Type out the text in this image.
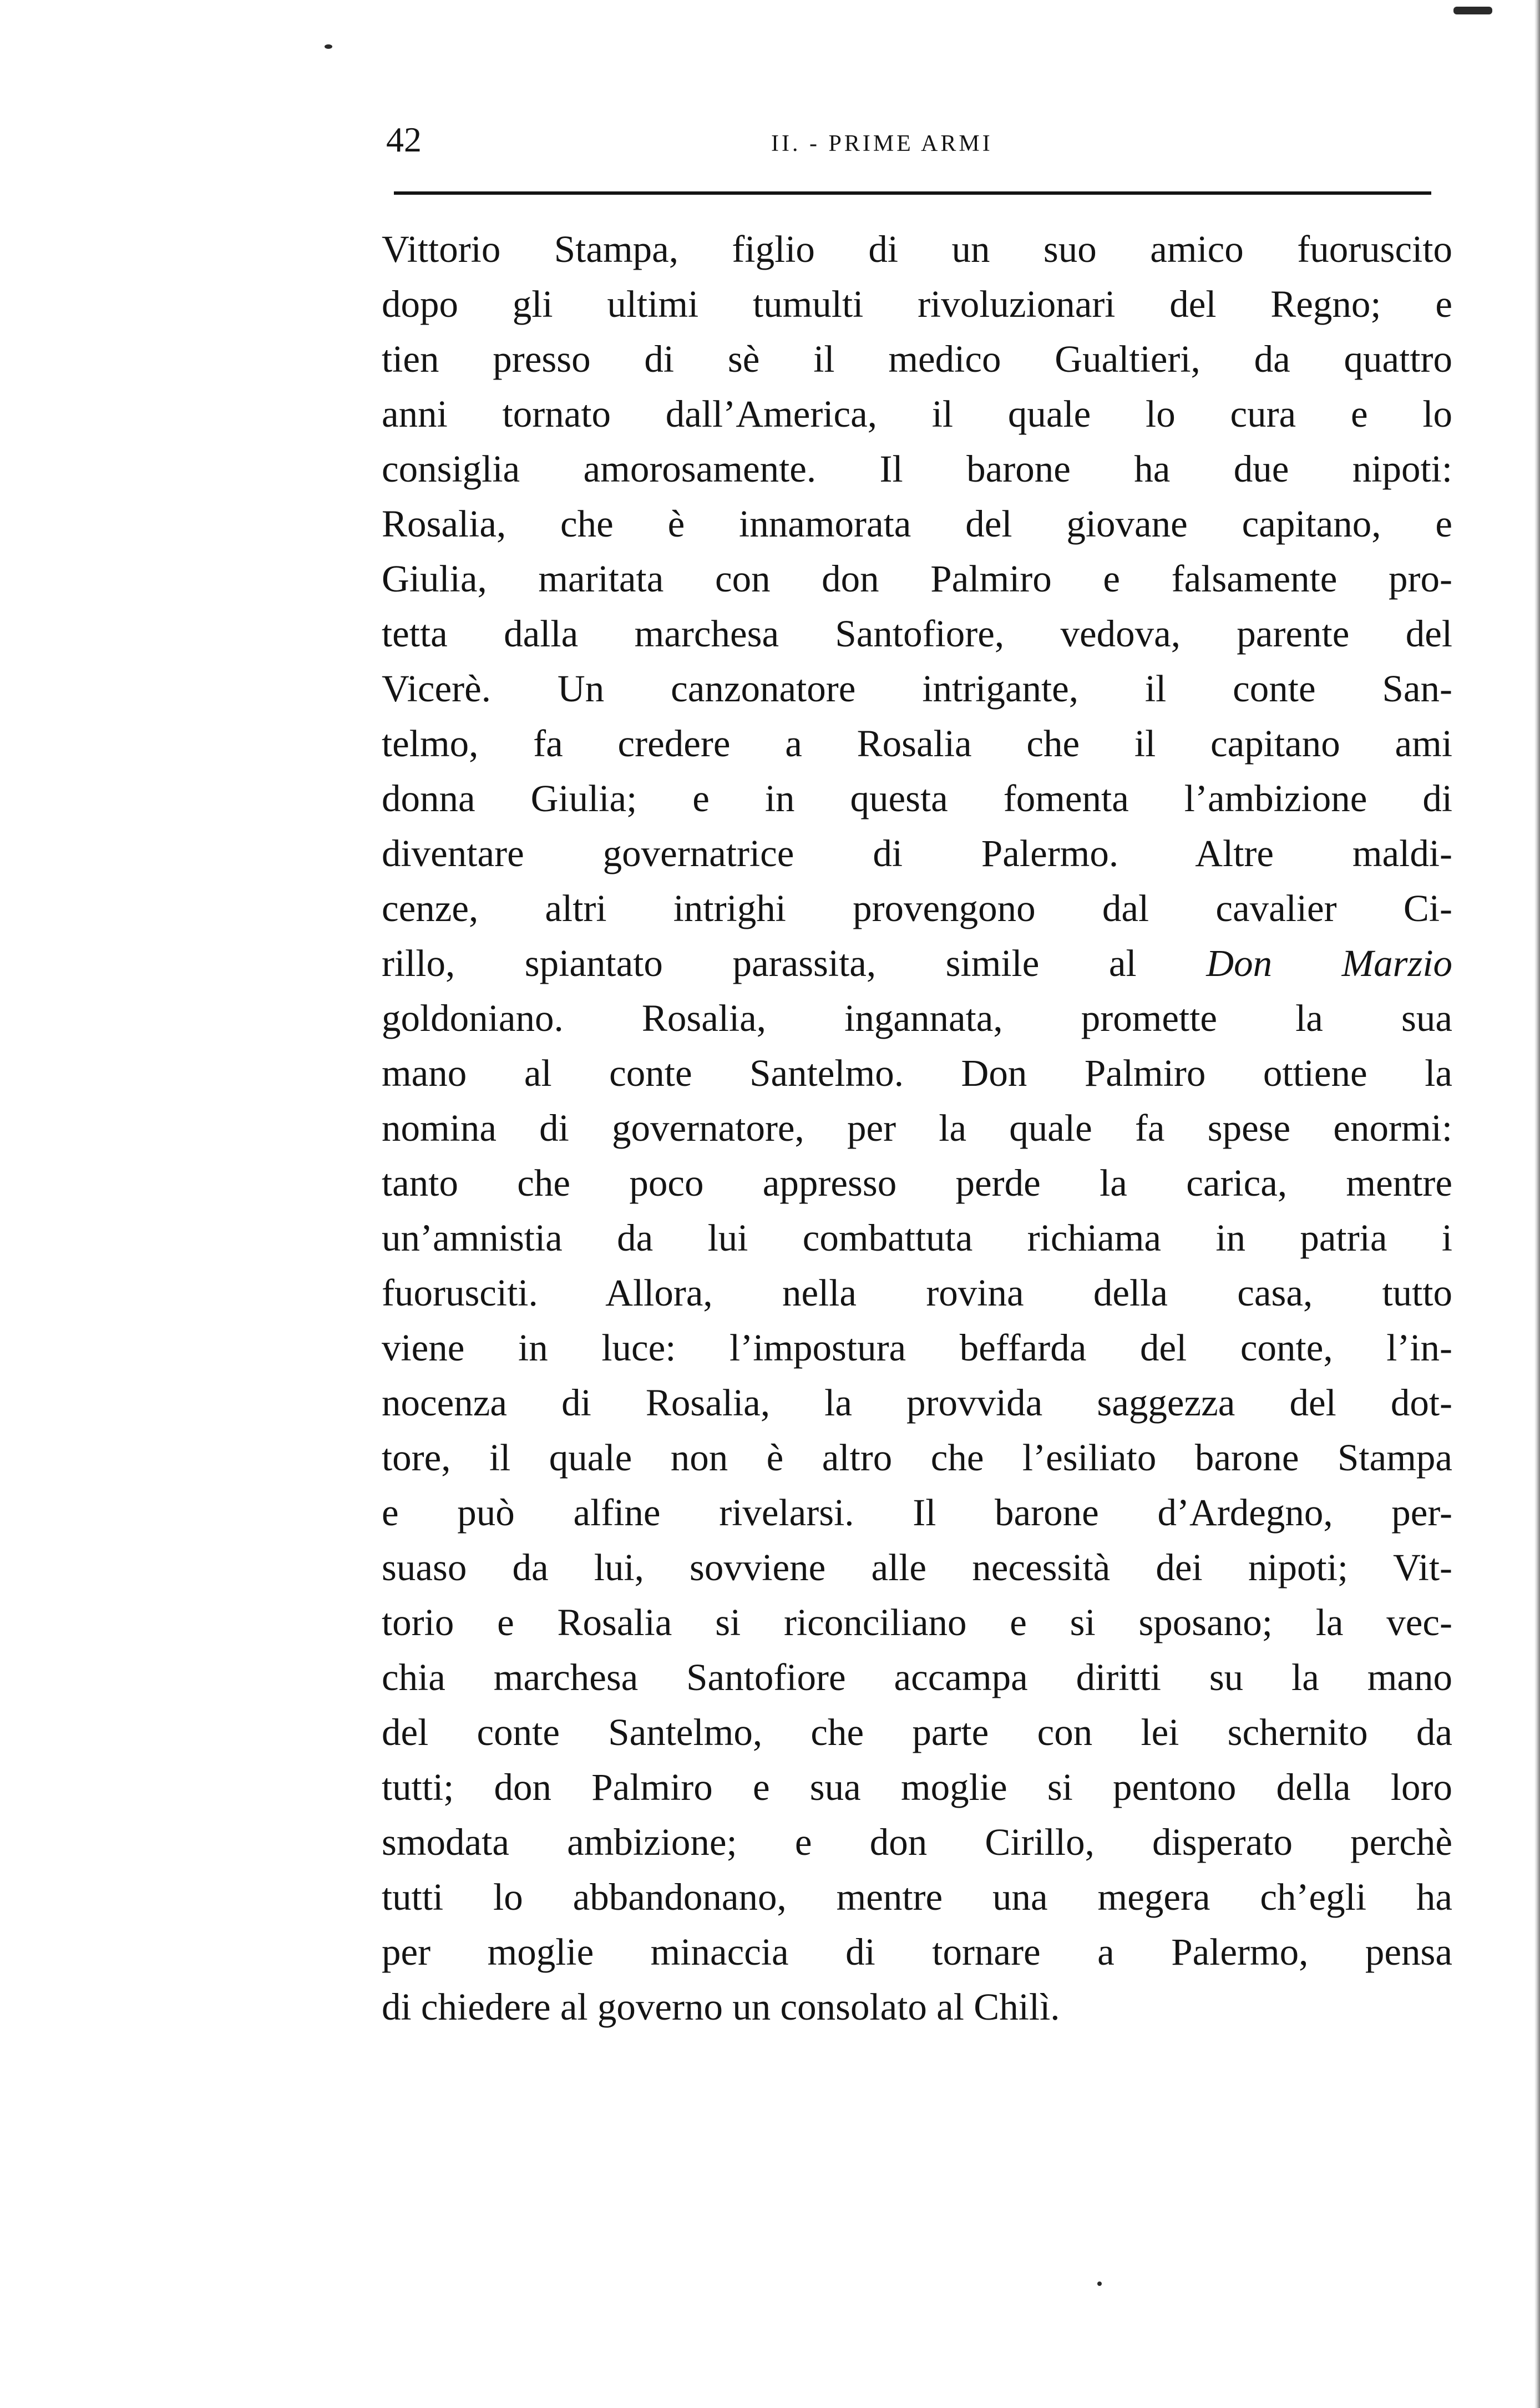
42	II. - PRIME ARMI
Vittorio Stampa, figlio di un suo amico fuoruscito
dopo gli ultimi tumulti rivoluzionari del Regno; e
tien presso di sè il medico Gualtieri, da quattro
anni tornato dall’America, il quale lo cura e lo
consiglia amorosamente. Il barone ha due nipoti:
Rosalia, che è innamorata del giovane capitano, e
Giulia, maritata con don Palmiro e falsamente pro-
tetta dalla marchesa Santofiore, vedova, parente del
Vicerè. Un canzonatore intrigante, il conte San-
telmo, fa credere a Rosalia che il capitano ami
donna Giulia; e in questa fomenta l’ambizione di
diventare governatrice di Palermo. Altre maldi-
cenze, altri intrighi provengono dal cavalier Ci-
rillo, spiantato parassita, simile al Don Marzio
goldoniano. Rosalia, ingannata, promette la sua
mano al conte Santelmo. Don Palmiro ottiene la
nomina di governatore, per la quale fa spese enormi:
tanto che poco appresso perde la carica, mentre
un’amnistia da lui combattuta richiama in patria i
fuorusciti. Allora, nella rovina della casa, tutto
viene in luce: l’impostura beffarda del conte, l’in-
nocenza di Rosalia, la provvida saggezza del dot-
tore, il quale non è altro che l’esiliato barone Stampa
e può alfine rivelarsi. Il barone d’Ardegno, per-
suaso da lui, sovviene alle necessità dei nipoti; Vit-
torio e Rosalia si riconciliano e si sposano; la vec-
chia marchesa Santofiore accampa diritti su la mano
del conte Santelmo, che parte con lei schernito da
tutti; don Palmiro e sua moglie si pentono della loro
smodata ambizione; e don Cirillo, disperato perchè
tutti lo abbandonano, mentre una megera ch’egli ha
per moglie minaccia di tornare a Palermo, pensa
di chiedere al governo un consolato al Chilì.
